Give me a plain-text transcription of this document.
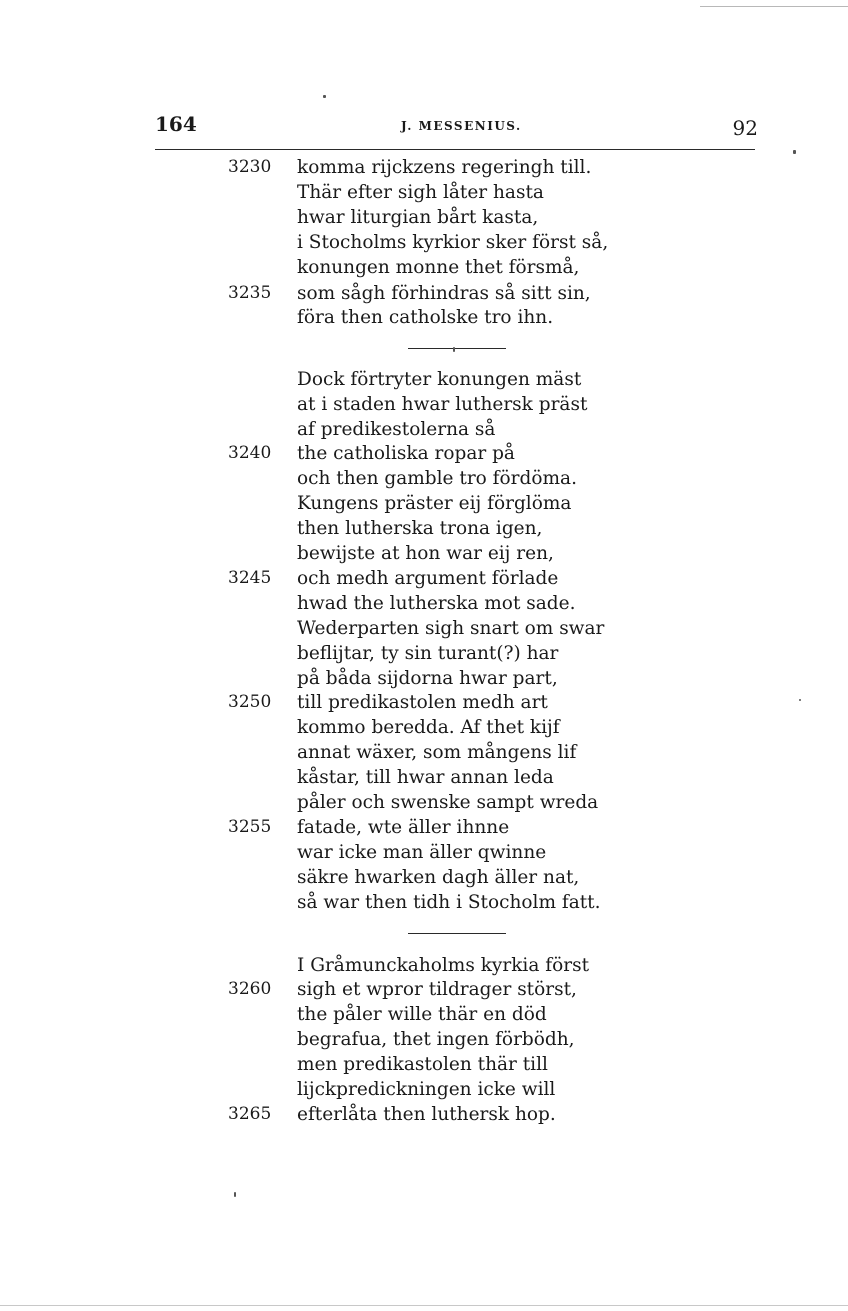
164	J. MESSENIUS.	92
3230 komma rijckzens regeringh till.
Thär efter sigh låter hasta
hwar liturgian bårt kasta,
i Stocholms kyrkior sker först så,
konungen monne thet försmå,
3235 som sågh förhindras så sitt sin,
föra then catholske tro ihn.
Dock förtryter konungen mäst
at i staden hwar luthersk präst
af predikestolerna så
3240 the catholiska ropar på
och then gamble tro fördöma.
Kungens präster eij förglöma
then lutherska trona igen,
bewijste at hon war eij ren,
3245 och medh argument förlade
hwad the lutherska mot sade.
Wederparten sigh snart om swar
beflijtar, ty sin turant(?) har
på båda sijdorna hwar part,
3250 till predikastolen medh art
kommo beredda. Af thet kijf
annat wäxer, som mångens lif
kåstar, till hwar annan leda
påler och swenske sampt wreda
3255 fatade, wte äller ihnne
war icke man äller qwinne
säkre hwarken dagh äller nat,
så war then tidh i Stocholm fatt.
I Gråmunckaholms kyrkia först
3260 sigh et wpror tildrager störst,
the påler wille thär en död
begrafua, thet ingen förbödh,
men predikastolen thär till
lijckpredickningen icke will
3265 efterlåta then luthersk hop.
